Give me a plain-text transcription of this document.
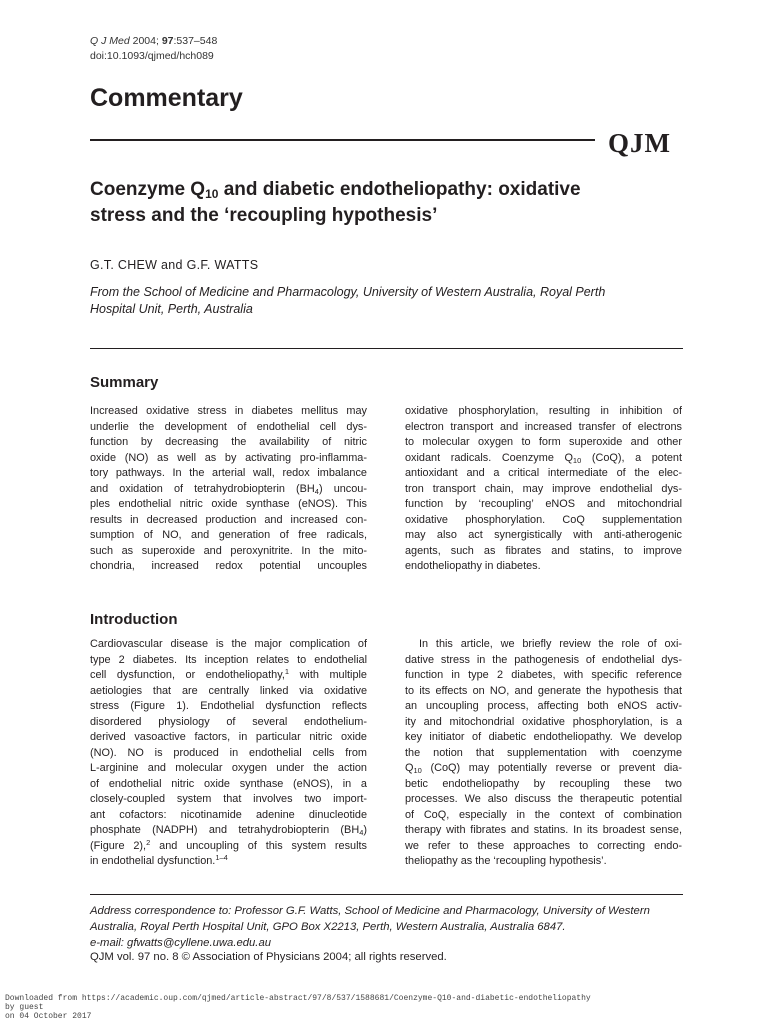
Q J Med 2004; 97:537–548
doi:10.1093/qjmed/hch089
Commentary
QJM
Coenzyme $Q_{10}$ and diabetic endotheliopathy: oxidative
stress and the ‘recoupling hypothesis’
G.T. CHEW and G.F. WATTS
From the School of Medicine and Pharmacology, University of Western Australia, Royal Perth
Hospital Unit, Perth, Australia
Summary
Increased oxidative stress in diabetes mellitus may
underlie the development of endothelial cell dys-
function by decreasing the availability of nitric
oxide (NO) as well as by activating pro-inflamma-
tory pathways. In the arterial wall, redox imbalance
and oxidation of tetrahydrobiopterin $(BH_4)$ uncou-
ples endothelial nitric oxide synthase (eNOS). This
results in decreased production and increased con-
sumption of NO, and generation of free radicals,
such as superoxide and peroxynitrite. In the mito-
chondria, increased redox potential uncouples
oxidative phosphorylation, resulting in inhibition of
electron transport and increased transfer of electrons
to molecular oxygen to form superoxide and other
oxidant radicals. Coenzyme $Q_{10}$ (CoQ), a potent
antioxidant and a critical intermediate of the elec-
tron transport chain, may improve endothelial dys-
function by ‘recoupling’ eNOS and mitochondrial
oxidative phosphorylation. CoQ supplementation
may also act synergistically with anti-atherogenic
agents, such as fibrates and statins, to improve
endotheliopathy in diabetes.
Introduction
Cardiovascular disease is the major complication of
type 2 diabetes. Its inception relates to endothelial
cell dysfunction, or endotheliopathy,$^1$ with multiple
aetiologies that are centrally linked via oxidative
stress (Figure 1). Endothelial dysfunction reflects
disordered physiology of several endothelium-
derived vasoactive factors, in particular nitric oxide
(NO). NO is produced in endothelial cells from
L-arginine and molecular oxygen under the action
of endothelial nitric oxide synthase (eNOS), in a
closely-coupled system that involves two import-
ant cofactors: nicotinamide adenine dinucleotide
phosphate (NADPH) and tetrahydrobiopterin $(BH_4)$
(Figure 2),$^2$ and uncoupling of this system results
in endothelial dysfunction.$^{1-4}$
In this article, we briefly review the role of oxi-
dative stress in the pathogenesis of endothelial dys-
function in type 2 diabetes, with specific reference
to its effects on NO, and generate the hypothesis that
an uncoupling process, affecting both eNOS activ-
ity and mitochondrial oxidative phosphorylation, is a
key initiator of diabetic endotheliopathy. We develop
the notion that supplementation with coenzyme
$Q_{10}$ (CoQ) may potentially reverse or prevent dia-
betic endotheliopathy by recoupling these two
processes. We also discuss the therapeutic potential
of CoQ, especially in the context of combination
therapy with fibrates and statins. In its broadest sense,
we refer to these approaches to correcting endo-
theliopathy as the ‘recoupling hypothesis’.
Address correspondence to: Professor G.F. Watts, School of Medicine and Pharmacology, University of Western
Australia, Royal Perth Hospital Unit, GPO Box X2213, Perth, Western Australia, Australia 6847.
e-mail: gfwatts@cyllene.uwa.edu.au
QJM vol. 97 no. 8 © Association of Physicians 2004; all rights reserved.
Downloaded from https://academic.oup.com/qjmed/article-abstract/97/8/537/1588681/Coenzyme-Q10-and-diabetic-endotheliopathy
by guest
on 04 October 2017
